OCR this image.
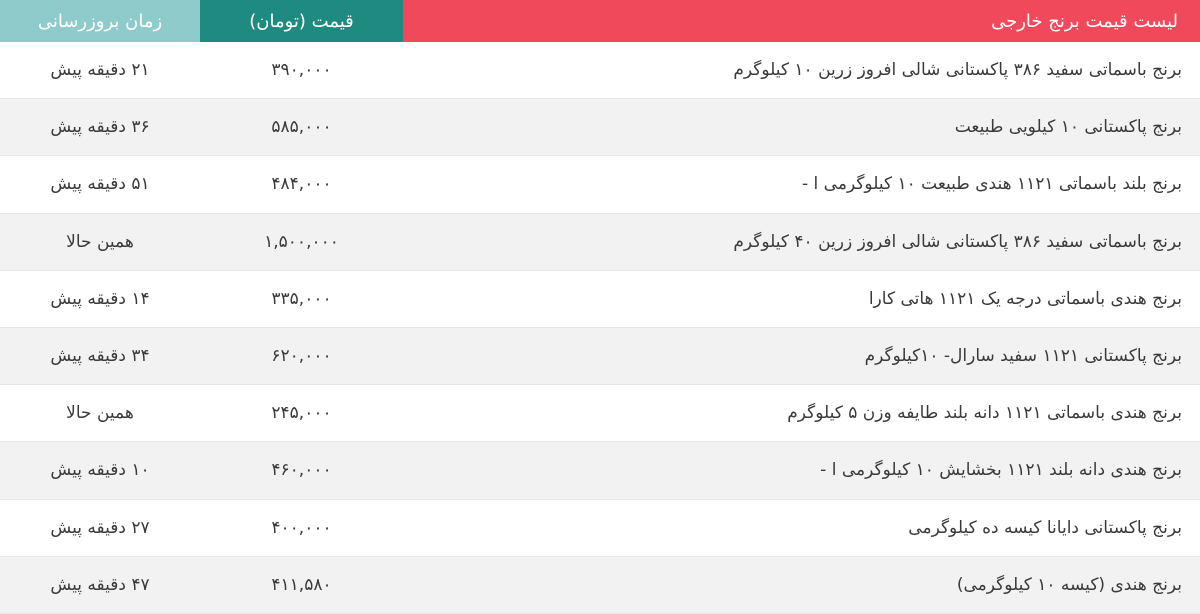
زمان بروزرسانی	قیمت (تومان)	لیست قیمت برنج خارجی
۲۱ دقیقه پیش	۳۹۰,۰۰۰	برنج باسماتی سفید ۳۸۶ پاکستانی شالی افروز زرین ۱۰ کیلوگرم
۳۶ دقیقه پیش	۵۸۵,۰۰۰	برنج پاکستانی ۱۰ کیلویی طبیعت
۵۱ دقیقه پیش	۴۸۴,۰۰۰	برنج بلند باسماتی ۱۱۲۱ هندی طبیعت ۱۰ کیلوگرمی ا -
همین حالا	۱,۵۰۰,۰۰۰	برنج باسماتی سفید ۳۸۶ پاکستانی شالی افروز زرین ۴۰ کیلوگرم
۱۴ دقیقه پیش	۳۳۵,۰۰۰	برنج هندی باسماتی درجه یک ۱۱۲۱ هاتی کارا
۳۴ دقیقه پیش	۶۲۰,۰۰۰	برنج پاکستانی ۱۱۲۱ سفید سارال- ۱۰کیلوگرم
همین حالا	۲۴۵,۰۰۰	برنج هندی باسماتی ۱۱۲۱ دانه بلند طایفه وزن ۵ کیلوگرم
۱۰ دقیقه پیش	۴۶۰,۰۰۰	برنج هندی دانه بلند ۱۱۲۱ بخشایش ۱۰ کیلوگرمی ا -
۲۷ دقیقه پیش	۴۰۰,۰۰۰	برنج پاکستانی دایانا کیسه ده کیلوگرمی
۴۷ دقیقه پیش	۴۱۱,۵۸۰	برنج هندی (کیسه ۱۰ کیلوگرمی)
